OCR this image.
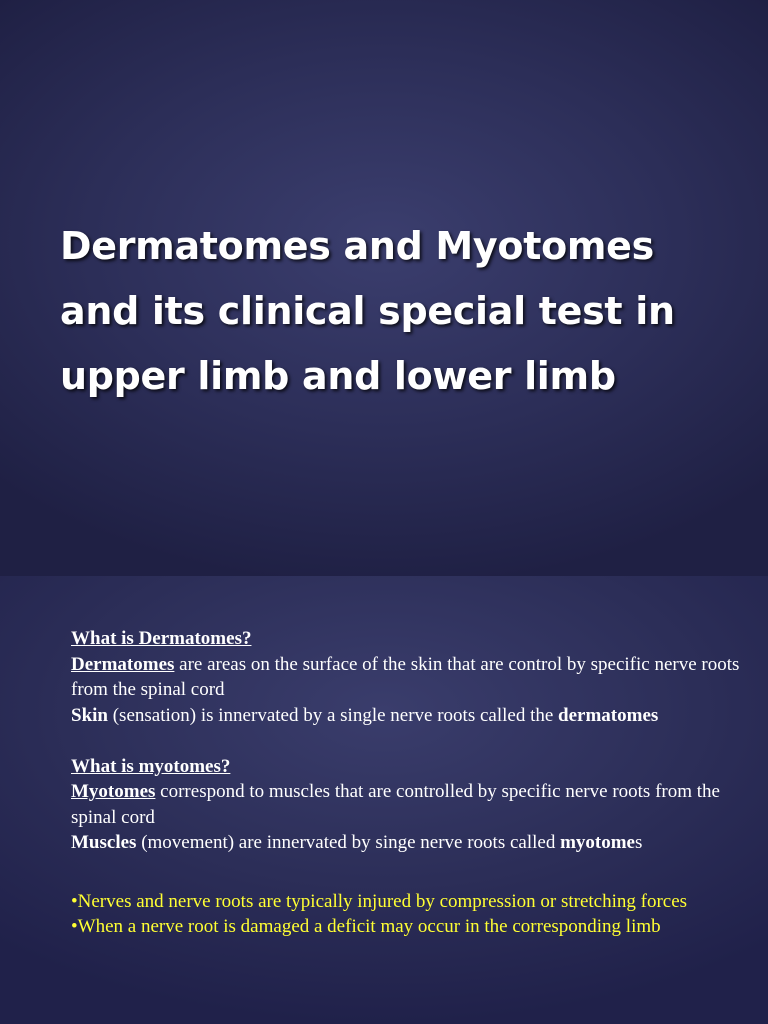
Dermatomes and Myotomes
and its clinical special test in
upper limb and lower limb

What is Dermatomes?

Dermatomes are areas on the surface of the skin that are control by specific nerve roots from the spinal cord

Skin (sensation) is innervated by a single nerve roots called the dermatomes

What is myotomes?

Myotomes correspond to muscles that are controlled by specific nerve roots from the spinal cord

Muscles (movement) are innervated by singe nerve roots called myotomes

•Nerves and nerve roots are typically injured by compression or stretching forces

•When a nerve root is damaged a deficit may occur in the corresponding limb
